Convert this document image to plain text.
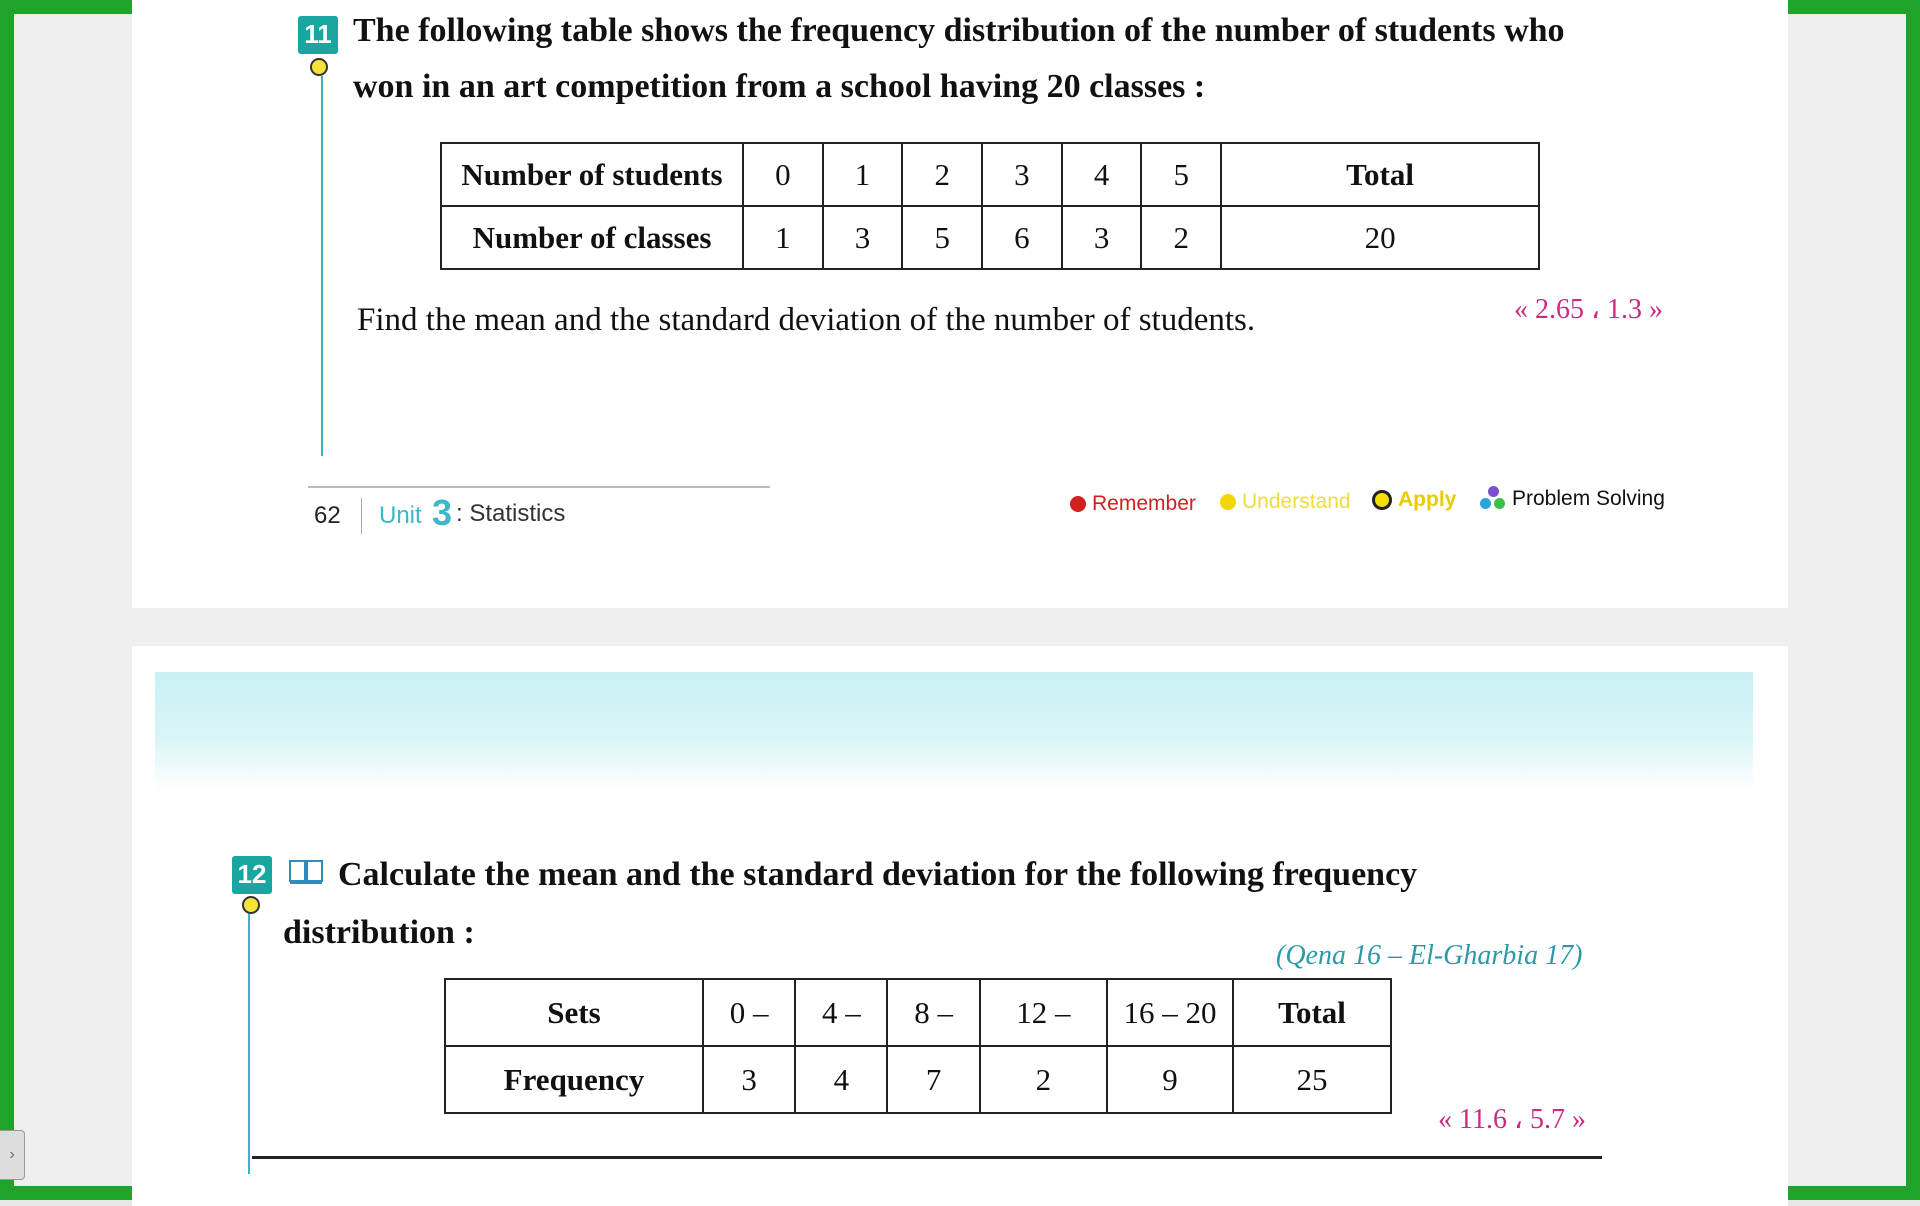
11 The following table shows the frequency distribution of the number of students who
won in an art competition from a school having 20 classes :
Number of students	0	1	2	3	4	5	Total
Number of classes	1	3	5	6	3	2	20
Find the mean and the standard deviation of the number of students.	« 2.65 ، 1.3 »
62 Unit 3 : Statistics	Remember Understand Apply	Problem Solving
12 Calculate the mean and the standard deviation for the following frequency
distribution :
(Qena 16 – El-Gharbia 17)
Sets	0 –	4 –	8 –	12 –	16 – 20	Total
Frequency	3	4	7	2	9	25
« 11.6 ، 5.7 »
›
